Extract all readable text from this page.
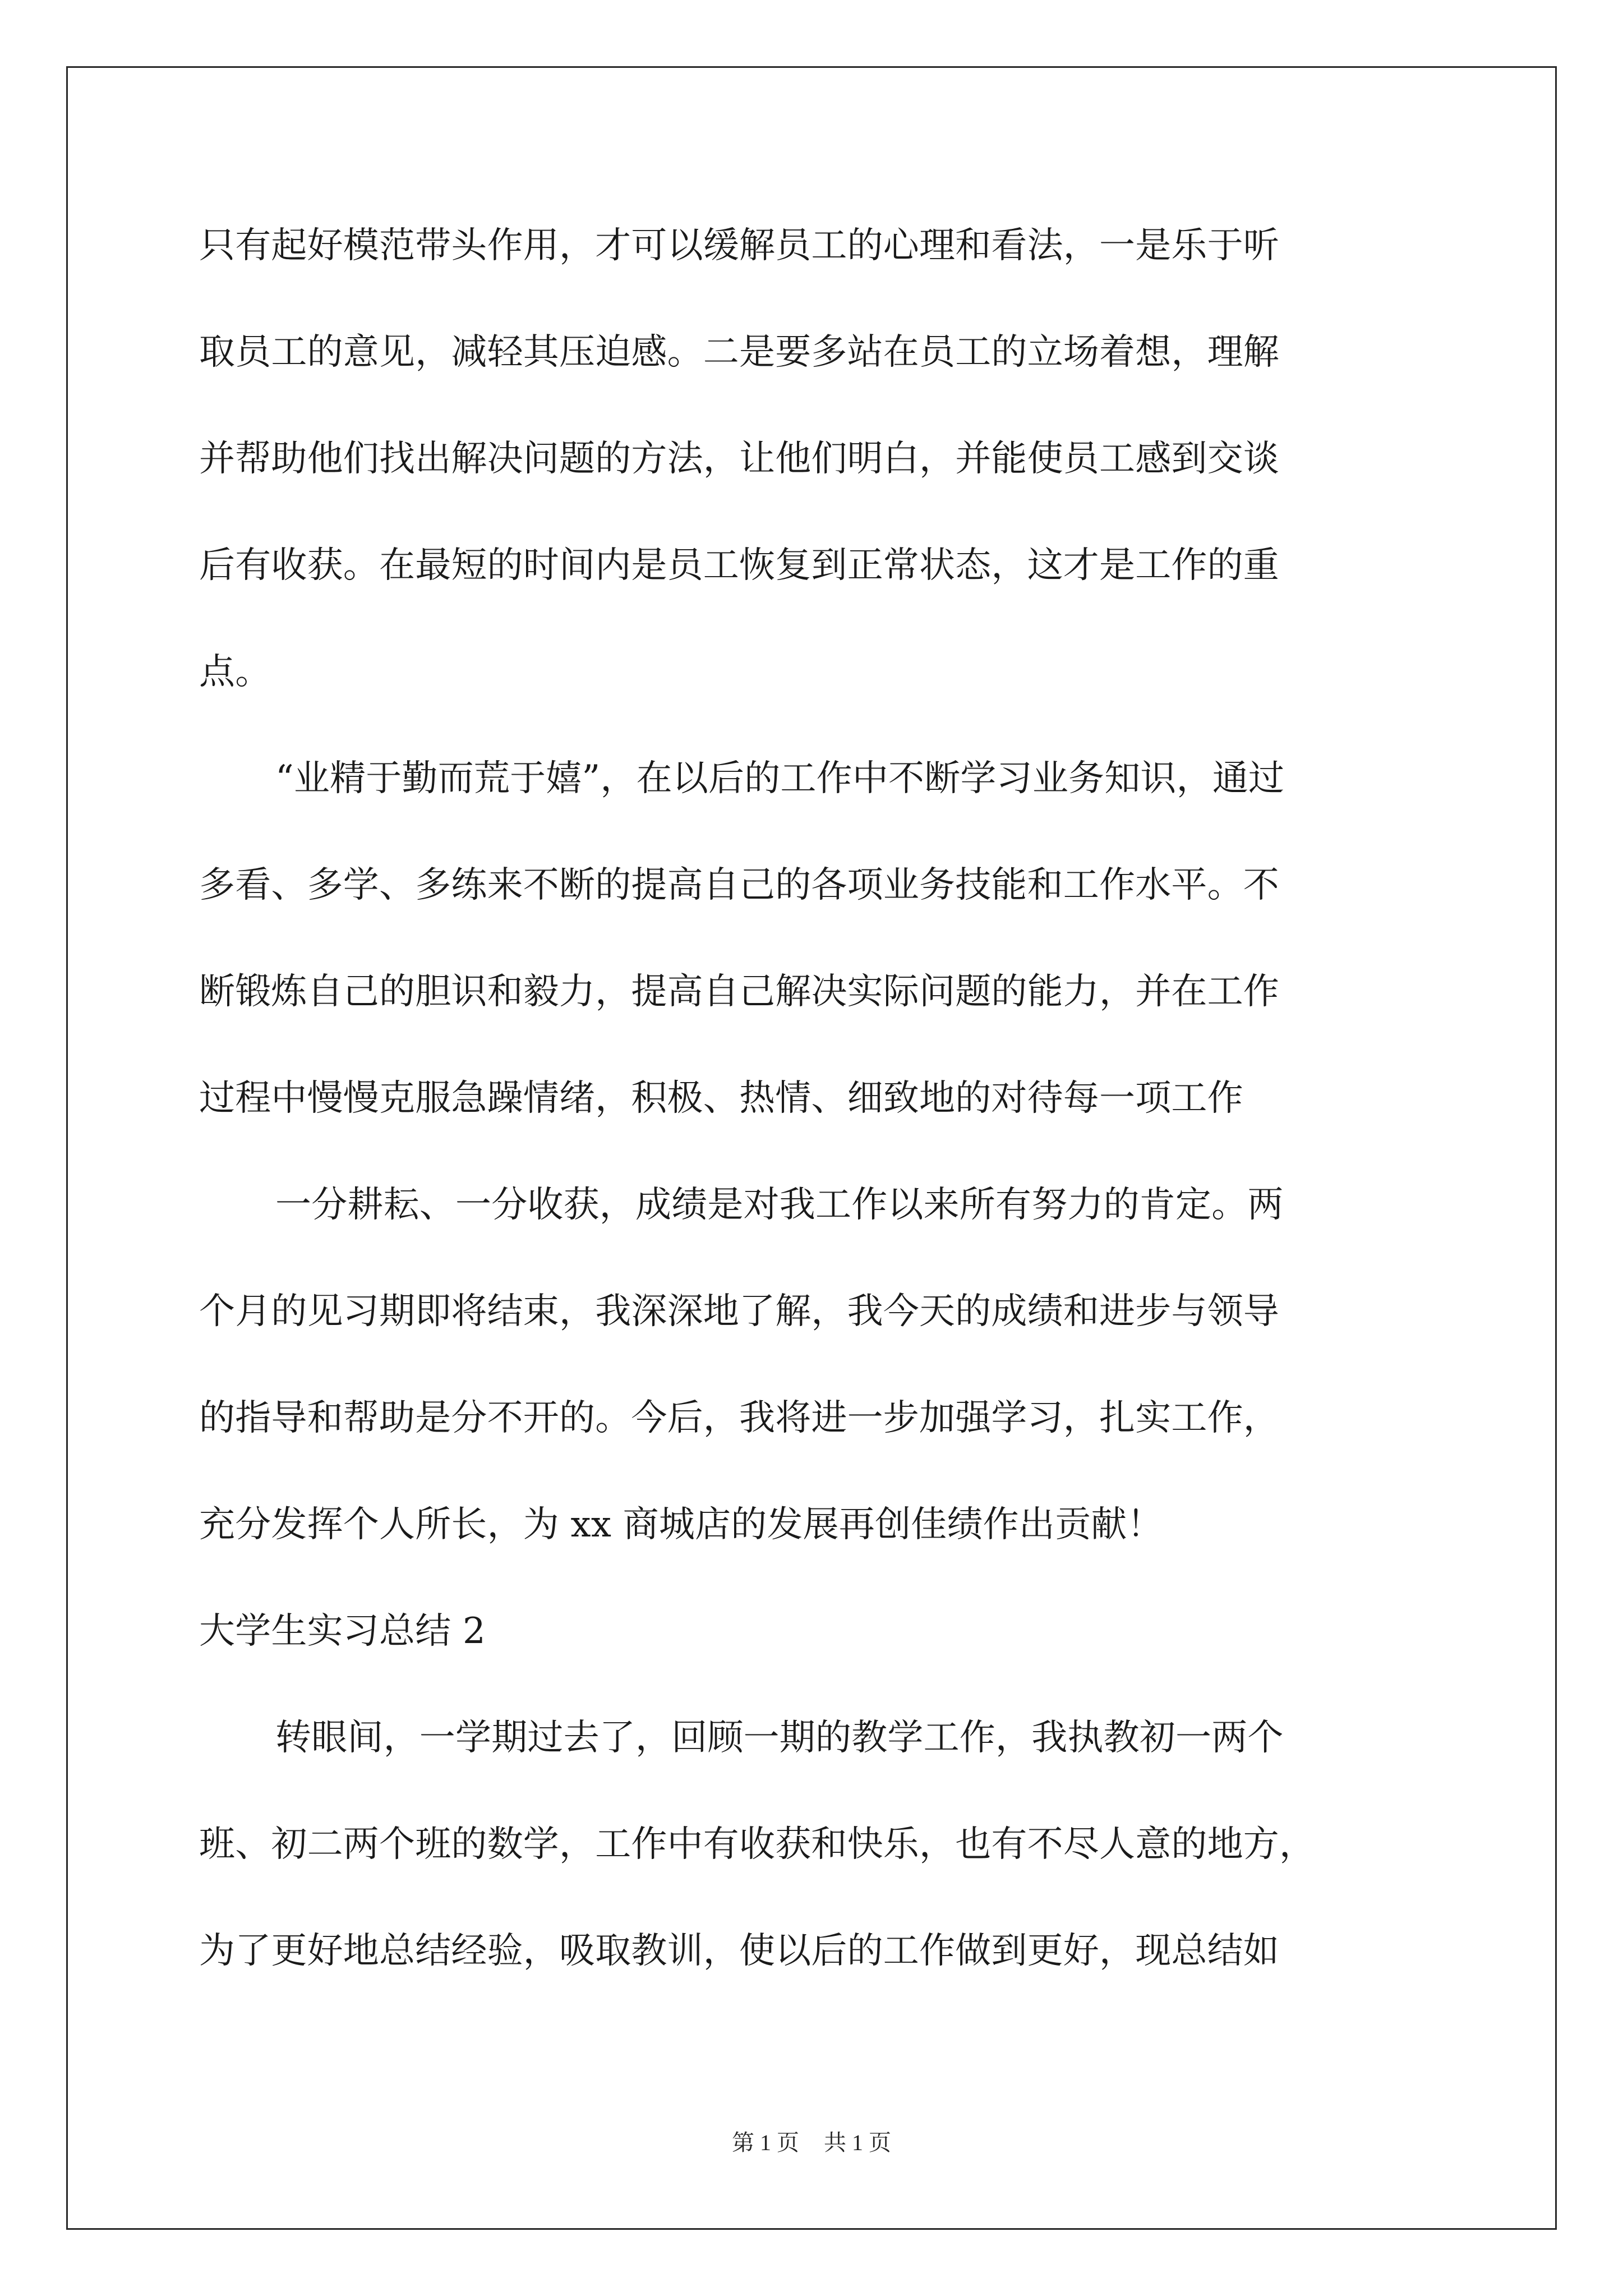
只有起好模范带头作用，才可以缓解员工的心理和看法，一是乐于听
取员工的意见，减轻其压迫感。二是要多站在员工的立场着想，理解
并帮助他们找出解决问题的方法，让他们明白，并能使员工感到交谈
后有收获。在最短的时间内是员工恢复到正常状态，这才是工作的重
点。
“业精于勤而荒于嬉”，在以后的工作中不断学习业务知识，通过
多看、多学、多练来不断的提高自己的各项业务技能和工作水平。不
断锻炼自己的胆识和毅力，提高自己解决实际问题的能力，并在工作
过程中慢慢克服急躁情绪，积极、热情、细致地的对待每一项工作
一分耕耘、一分收获，成绩是对我工作以来所有努力的肯定。两
个月的见习期即将结束，我深深地了解，我今天的成绩和进步与领导
的指导和帮助是分不开的。今后，我将进一步加强学习，扎实工作，
充分发挥个人所长，为 xx 商城店的发展再创佳绩作出贡献！
大学生实习总结 2
转眼间，一学期过去了，回顾一期的教学工作，我执教初一两个
班、初二两个班的数学，工作中有收获和快乐，也有不尽人意的地方，
为了更好地总结经验，吸取教训，使以后的工作做到更好，现总结如
第 1 页 共 1 页
